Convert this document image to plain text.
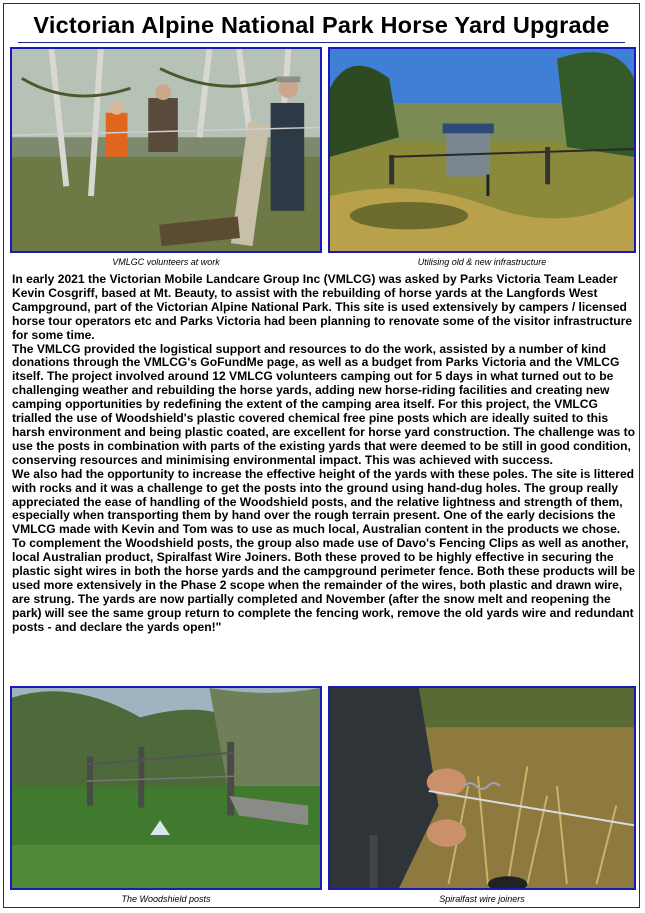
Victorian Alpine National Park Horse Yard Upgrade
VMLGC volunteers at work	Utilising old & new infrastructure

In early 2021 the Victorian Mobile Landcare Group Inc (VMLCG) was asked by Parks Victoria Team Leader Kevin Cosgriff, based at Mt. Beauty, to assist with the rebuilding of horse yards at the Langfords West Campground, part of the Victorian Alpine National Park. This site is used extensively by campers / licensed horse tour operators etc and Parks Victoria had been planning to renovate some of the visitor infrastructure for some time.

The VMLCG provided the logistical support and resources to do the work, assisted by a number of kind donations through the VMLCG's GoFundMe page, as well as a budget from Parks Victoria and the VMLCG itself. The project involved around 12 VMLCG volunteers camping out for 5 days in what turned out to be challenging weather and rebuilding the horse yards, adding new horse-riding facilities and creating new camping opportunities by redefining the extent of the camping area itself. For this project, the VMLCG trialled the use of Woodshield's plastic covered chemical free pine posts which are ideally suited to this harsh environment and being plastic coated, are excellent for horse yard construction. The challenge was to use the posts in combination with parts of the existing yards that were deemed to be still in good condition, conserving resources and minimising environmental impact. This was achieved with success.

We also had the opportunity to increase the effective height of the yards with these poles. The site is littered with rocks and it was a challenge to get the posts into the ground using hand-dug holes. The group really appreciated the ease of handling of the Woodshield posts, and the relative lightness and strength of them, especially when transporting them by hand over the rough terrain present. One of the early decisions the VMLCG made with Kevin and Tom was to use as much local, Australian content in the products we chose. To complement the Woodshield posts, the group also made use of Davo's Fencing Clips as well as another, local Australian product, Spiralfast Wire Joiners. Both these proved to be highly effective in securing the plastic sight wires in both the horse yards and the campground perimeter fence. Both these products will be used more extensively in the Phase 2 scope when the remainder of the wires, both plastic and drawn wire, are strung. The yards are now partially completed and November (after the snow melt and reopening the park) will see the same group return to complete the fencing work, remove the old yards wire and redundant posts - and declare the yards open!"

The Woodshield posts	Spiralfast wire joiners
